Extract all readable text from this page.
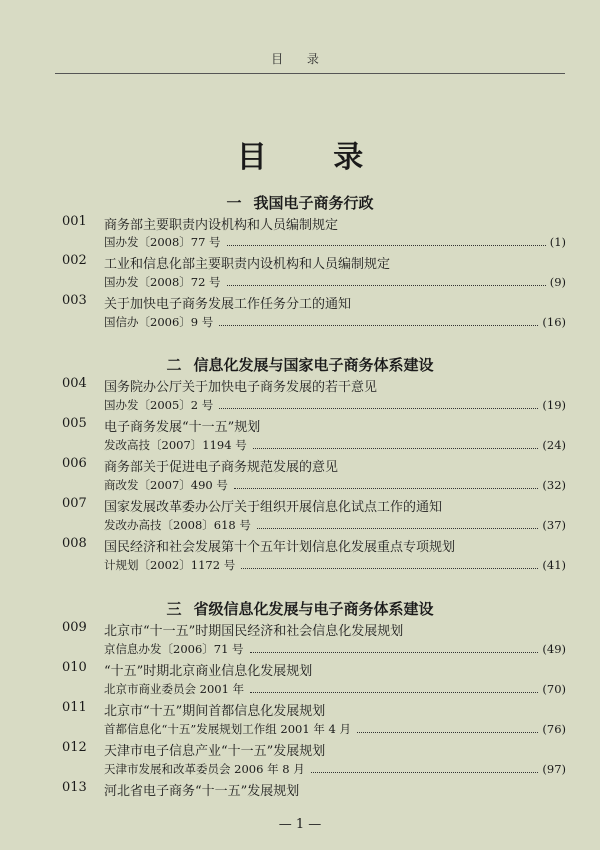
目 录
目 录
一 我国电子商务行政
001	商务部主要职责内设机构和人员编制规定
国办发〔2008〕77 号	(1)
002	工业和信息化部主要职责内设机构和人员编制规定
国办发〔2008〕72 号	(9)
003	关于加快电子商务发展工作任务分工的通知
国信办〔2006〕9 号	(16)
二 信息化发展与国家电子商务体系建设
004	国务院办公厅关于加快电子商务发展的若干意见
国办发〔2005〕2 号	(19)
005	电子商务发展“十一五”规划
发改高技〔2007〕1194 号	(24)
006	商务部关于促进电子商务规范发展的意见
商改发〔2007〕490 号	(32)
007	国家发展改革委办公厅关于组织开展信息化试点工作的通知
发改办高技〔2008〕618 号	(37)
008	国民经济和社会发展第十个五年计划信息化发展重点专项规划
计规划〔2002〕1172 号	(41)
三 省级信息化发展与电子商务体系建设
009	北京市“十一五”时期国民经济和社会信息化发展规划
京信息办发〔2006〕71 号	(49)
010	“十五”时期北京商业信息化发展规划
北京市商业委员会 2001 年	(70)
011	北京市“十五”期间首都信息化发展规划
首都信息化“十五”发展规划工作组 2001 年 4 月	(76)
012	天津市电子信息产业“十一五”发展规划
天津市发展和改革委员会 2006 年 8 月	(97)
013	河北省电子商务“十一五”发展规划
— 1 —
